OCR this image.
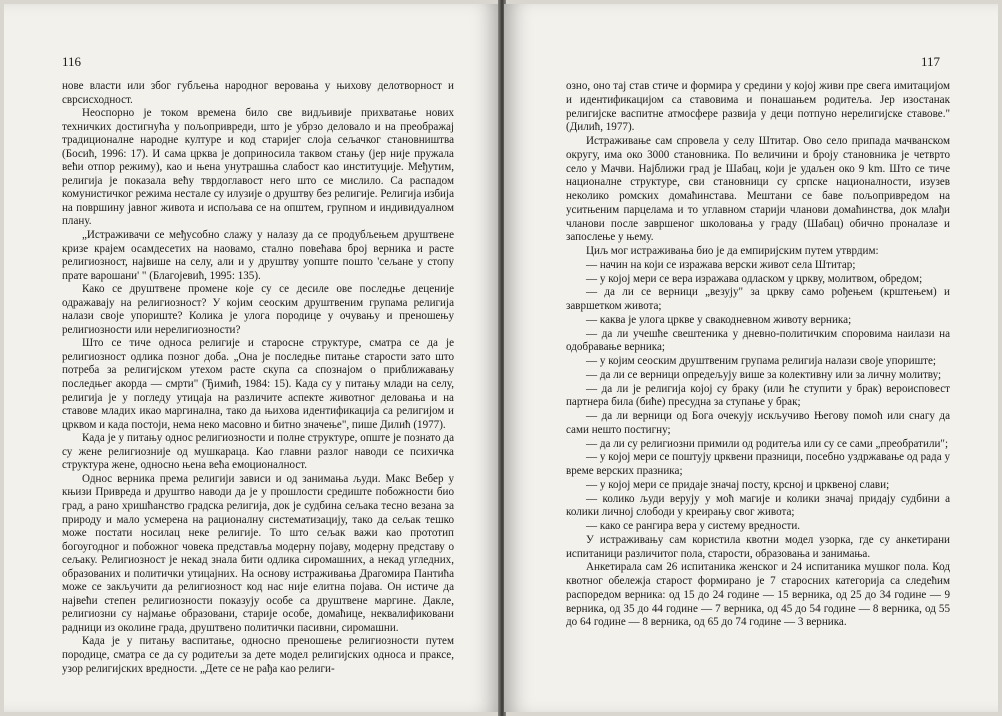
116

нове власти или због губљења народног веровања у њихову делотворност и сврсисходност.

Неоспорно је током времена било све видљивије прихватање нових техничких достигнућа у пољопривреди, што је убрзо деловало и на преображај традиционалне народне културе и код старијег слоја сељачког становништва (Босић, 1996: 17). И сама црква је доприносила таквом стању (јер није пружала већи отпор режиму), као и њена унутрашња слабост као институције. Међутим, религија је показала већу тврдоглавост него што се мислило. Са распадом комунистичког режима нестале су илузије о друштву без религије. Религија избија на површину јавног живота и испољава се на општем, групном и индивидуалном плану.

„Истраживачи се међусобно слажу у налазу да се продубљењем друштвене кризе крајем осамдесетих на наовамо, стално повећава број верника и расте религиозност, највише на селу, али и у друштву уопште пошто 'сељане у стопу прате варошани' " (Благојевић, 1995: 135).

Како се друштвене промене које су се десиле ове последње деценије одражавају на религиозност? У којим сеоским друштвеним групама религија налази своје упориште? Колика је улога породице у очувању и преношењу религиозности или нерелигиозности?

Што се тиче односа религије и старосне структуре, сматра се да је религиозност одлика позног доба. „Она је последње питање старости затo што потреба за религијском утехом расте скупа са спознајом о приближавању последњег акорда — смрти" (Ђимић, 1984: 15). Када су у питању млади на селу, религија је у погледу утицаја на различите аспекте животног деловања и на ставове младих икао маргинална, тако да њихова идентификација са религијом и црквом и када постоји, нема неко масовно и битно значење", пише Дилић (1977).

Када је у питању однос религиозности и полне структуре, опште је познато да су жене религиозније од мушкараца. Као главни разлог наводи се психичка структура жене, односно њена већа емоционалност.

Однос верника према религији зависи и од занимања људи. Макс Вебер у књизи Привреда и друштво наводи да је у прошлости средиште побожности био град, а рано хришћанство градска религија, док је судбина сељака тесно везана за природу и мало усмерена на рационалну систематизацију, тако да сељак тешко може постати носилац неке религије. То што сељак важи као прототип богоугодног и побожног човека представља модерну појаву, модерну представу о сељаку. Религиозност је некад знала бити одлика сиромашних, а некад угледних, образованих и политички утицајних. На основу истраживања Драгомира Пантића може се закључити да религиозност код нас није елитна појава. Он истиче да највећи степен религиозности показују особе са друштвене маргине. Дакле, религиозни су најмање образовани, старије особе, домаћице, неквалификовани радници из околине града, друштвено политички пасивни, сиромашни.

Када је у питању васпитање, односно преношење религиозности путем породице, сматра се да су родитељи за дете модел религијских односа и праксе, узор религијских вредности. „Дете се не рађа као религи-

117

озно, оно тај став стиче и формира у средини у којој живи пре свега имитацијом и идентификацијом са ставовима и понашањем родитеља. Јер изостанак религијске васпитне атмосфере развија у деци потпуно нерелигијске ставове." (Дилић, 1977).

Истраживање сам спровела у селу Штитар. Ово село припада мачванском округу, има око 3000 становника. По величини и броју становника је четврто село у Мачви. Најближи град је Шабац, који је удаљен око 9 km. Што се тиче националне структуре, сви становници су српске националности, изузев неколико ромских домаћинстава. Мештани се баве пољопривредом на уситњеним парцелама и то углавном старији чланови домаћинства, док млађи чланови после завршеног школовања у граду (Шабац) обично проналазе и запослење у њему.

Циљ мог истраживања био је да емпиријским путем утврдим:

— начин на који се изражава верски живот села Штитар;

— у којој мери се вера изражава одласком у цркву, молитвом, обредом;

— да ли се верници „везују" за цркву само рођењем (крштењем) и завршетком живота;

— каква је улога цркве у свакодневном животу верника;

— да ли учешће свештеника у дневно-политичким споровима наилази на одобравање верника;

— у којим сеоским друштвеним групама религија налази своје упориште;

— да ли се верници опредељују више за колективну или за личну молитву;

— да ли је религија којој су браку (или ће ступити у брак) вероисповест партнера била (биће) пресудна за ступање у брак;

— да ли верници од Бога очекују искључиво Његову помоћ или снагу да сами нешто постигну;

— да ли су религиозни примили од родитеља или су се сами „преобратили";

— у којој мери се поштују црквени празници, посебно уздржавање од рада у време верских празника;

— у којој мери се придаје значај посту, крсној и црквеној слави;

— колико људи верују у моћ магије и колики значај придају судбини а колики личној слободи у креирању свог живота;

— како се рангира вера у систему вредности.

У истраживању сам користила квотни модел узорка, где су анкетирани испитаници различитог пола, старости, образовања и занимања.

Анкетирала сам 26 испитаника женског и 24 испитаника мушког пола. Код квотног обележја старост формирано је 7 старосних категорија са следећим распоредом верника: од 15 до 24 године — 15 верника, од 25 до 34 године — 9 верника, од 35 до 44 године — 7 верника, од 45 до 54 године — 8 верника, од 55 до 64 године — 8 верника, од 65 до 74 године — 3 верника.
